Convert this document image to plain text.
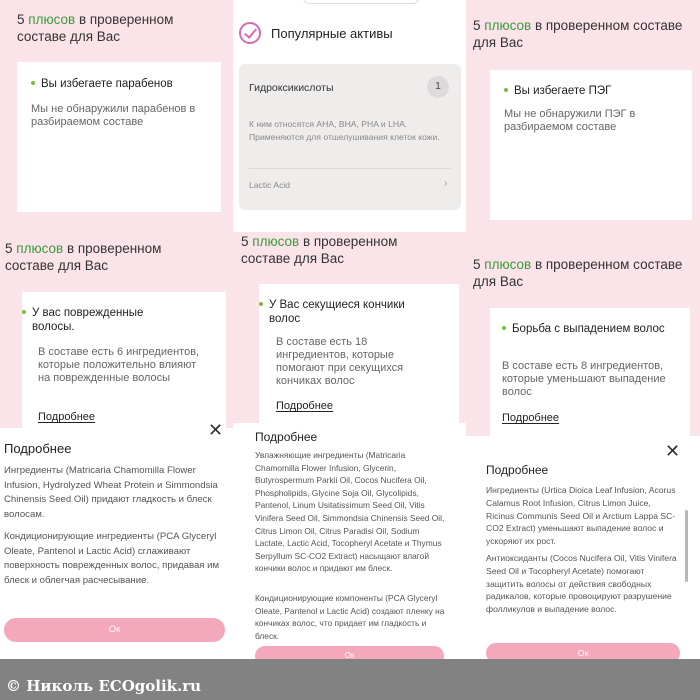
5 плюсов в проверенном составе для Вас
Вы избегаете парабенов
Мы не обнаружили парабенов в разбираемом составе
Популярные активы
Гидроксикислоты	1
К ним относятся AHA, BHA, PHA и LHA. Применяются для отшелушивания клеток кожи.
Lactic Acid	›
5 плюсов в проверенном составе для Вас
Вы избегаете ПЭГ
Мы не обнаружили ПЭГ в разбираемом составе
5 плюсов в проверенном составе для Вас
У вас поврежденные волосы.
В составе есть 6 ингредиентов, которые положительно влияют на поврежденные волосы
Подробнее
✕
Подробнее
Ингредиенты (Matricaria Chamomilla Flower Infusion, Hydrolyzed Wheat Protein и Simmondsia Chinensis Seed Oil) придают гладкость и блеск волосам.
Кондиционирующие ингредиенты (PCA Glyceryl Oleate, Pantenol и Lactic Acid) сглаживают поверхность поврежденных волос, придавая им блеск и облегчая расчесывание.
Ок
5 плюсов в проверенном составе для Вас
У Вас секущиеся кончики волос
В составе есть 18 ингредиентов, которые помогают при секущихся кончиках волос
Подробнее
Подробнее
Увлажняющие ингредиенты (Matricaria Chamomilla Flower Infusion, Glycerin, Butyrospermum Parkii Oil, Cocos Nucifera Oil, Phospholipids, Glycine Soja Oil, Glycolipids, Pantenol, Linum Usitatissimum Seed Oil, Vitis Vinifera Seed Oil, Simmondsia Chinensis Seed Oil, Citrus Limon Oil, Citrus Paradisi Oil, Sodium Lactate, Lactic Acid, Tocopheryl Acetate и Thymus Serpyllum SC-CO2 Extract) насыщают влагой кончики волос и придают им блеск.
Кондиционирующие компоненты (PCA Glyceryl Oleate, Pantenol и Lactic Acid) создают пленку на кончиках волос, что придает им гладкость и блеск.
Ок
5 плюсов в проверенном составе для Вас
Борьба с выпадением волос
В составе есть 8 ингредиентов, которые уменьшают выпадение волос
Подробнее
✕
Подробнее
Ингредиенты (Urtica Dioica Leaf Infusion, Acorus Calamus Root Infusion, Citrus Limon Juice, Ricinus Communis Seed Oil и Arctium Lappa SC-CO2 Extract) уменьшают выпадение волос и ускоряют их рост.
Антиоксиданты (Cocos Nucifera Oil, Vitis Vinifera Seed Oil и Tocopheryl Acetate) помогают защитить волосы от действия свободных радикалов, которые провоцируют разрушение фолликулов и выпадение волос.
Ок
© Николь ECOgolik.ru
